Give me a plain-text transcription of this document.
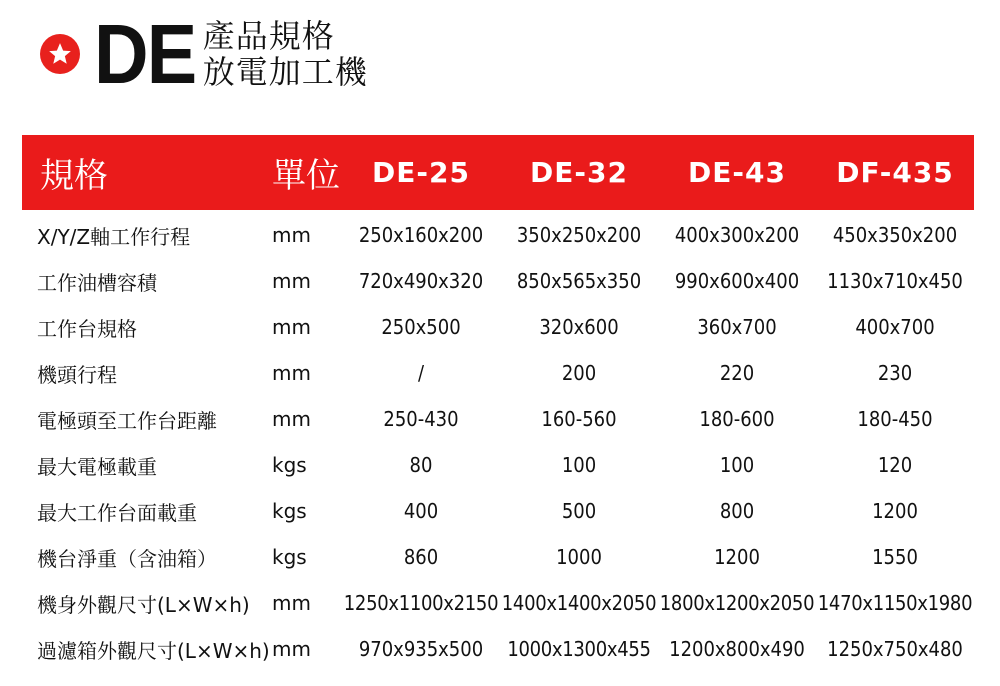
DE 產品規格
放電加工機
規格	單位	DE-25	DE-32	DE-43	DF-435
X/Y/Z軸工作行程	mm	250x160x200	350x250x200	400x300x200	450x350x200
工作油槽容積	mm	720x490x320	850x565x350	990x600x400	1130x710x450
工作台規格	mm	250x500	320x600	360x700	400x700
機頭行程	mm	/	200	220	230
電極頭至工作台距離	mm	250-430	160-560	180-600	180-450
最大電極載重	kgs	80	100	100	120
最大工作台面載重	kgs	400	500	800	1200
機台淨重（含油箱）	kgs	860	1000	1200	1550
機身外觀尺寸(L×W×h)	mm	1250x1100x2150 1400x1400x2050 1800x1200x2050 1470x1150x1980
過濾箱外觀尺寸(L×W×h) mm	970x935x500	1000x1300x455 1200x800x490	1250x750x480
